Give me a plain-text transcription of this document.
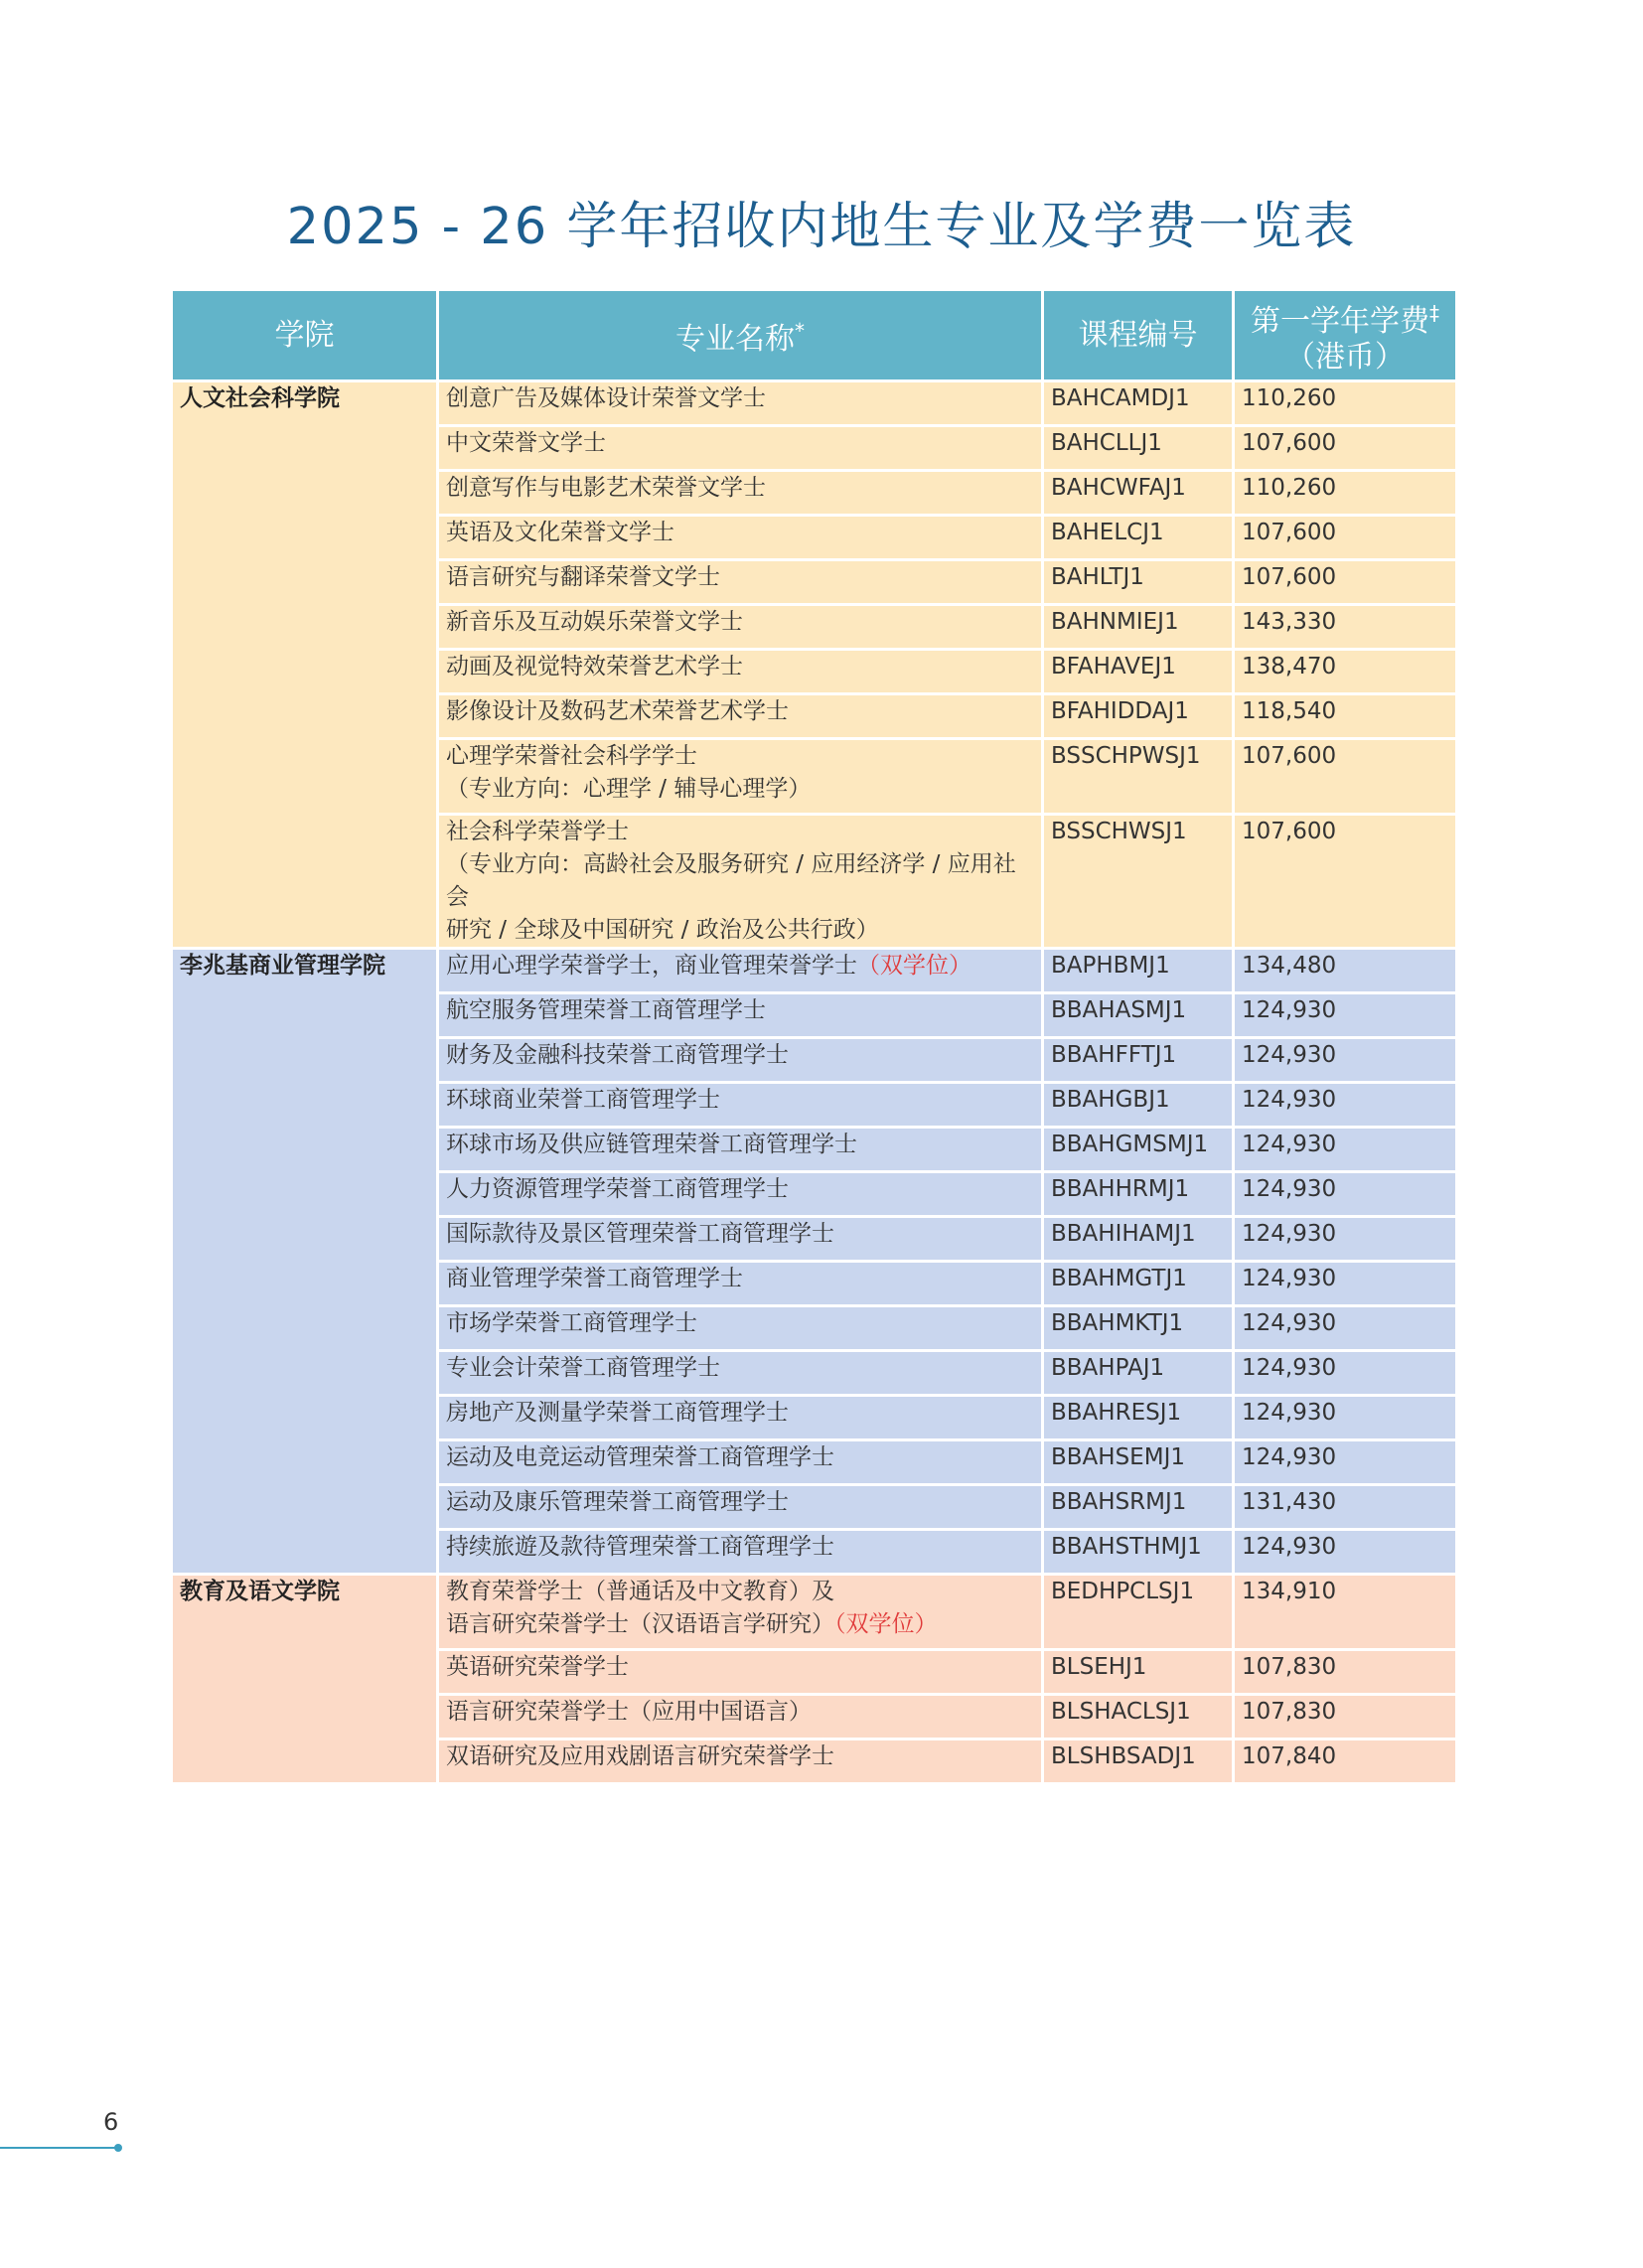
2025 - 26 学年招收内地生专业及学费一览表
学院	专业名称*	课程编号	第一学年学费‡
（港币）
人文社会科学院	创意广告及媒体设计荣誉文学士	BAHCAMDJ1	110,260
	中文荣誉文学士	BAHCLLJ1	107,600
	创意写作与电影艺术荣誉文学士	BAHCWFAJ1	110,260
	英语及文化荣誉文学士	BAHELCJ1	107,600
	语言研究与翻译荣誉文学士	BAHLTJ1	107,600
	新音乐及互动娱乐荣誉文学士	BAHNMIEJ1	143,330
	动画及视觉特效荣誉艺术学士	BFAHAVEJ1	138,470
	影像设计及数码艺术荣誉艺术学士	BFAHIDDAJ1	118,540
	心理学荣誉社会科学学士
（专业方向：心理学 / 辅导心理学）	BSSCHPWSJ1	107,600
	社会科学荣誉学士
（专业方向：高龄社会及服务研究 / 应用经济学 / 应用社会
研究 / 全球及中国研究 / 政治及公共行政）	BSSCHWSJ1	107,600
李兆基商业管理学院	应用心理学荣誉学士，商业管理荣誉学士（双学位）	BAPHBMJ1	134,480
	航空服务管理荣誉工商管理学士	BBAHASMJ1	124,930
	财务及金融科技荣誉工商管理学士	BBAHFFTJ1	124,930
	环球商业荣誉工商管理学士	BBAHGBJ1	124,930
	环球市场及供应链管理荣誉工商管理学士	BBAHGMSMJ1	124,930
	人力资源管理学荣誉工商管理学士	BBAHHRMJ1	124,930
	国际款待及景区管理荣誉工商管理学士	BBAHIHAMJ1	124,930
	商业管理学荣誉工商管理学士	BBAHMGTJ1	124,930
	市场学荣誉工商管理学士	BBAHMKTJ1	124,930
	专业会计荣誉工商管理学士	BBAHPAJ1	124,930
	房地产及测量学荣誉工商管理学士	BBAHRESJ1	124,930
	运动及电竞运动管理荣誉工商管理学士	BBAHSEMJ1	124,930
	运动及康乐管理荣誉工商管理学士	BBAHSRMJ1	131,430
	持续旅遊及款待管理荣誉工商管理学士	BBAHSTHMJ1	124,930
教育及语文学院	教育荣誉学士（普通话及中文教育）及
语言研究荣誉学士（汉语语言学研究）（双学位）	BEDHPCLSJ1	134,910
	英语研究荣誉学士	BLSEHJ1	107,830
	语言研究荣誉学士（应用中国语言）	BLSHACLSJ1	107,830
	双语研究及应用戏剧语言研究荣誉学士	BLSHBSADJ1	107,840
6
